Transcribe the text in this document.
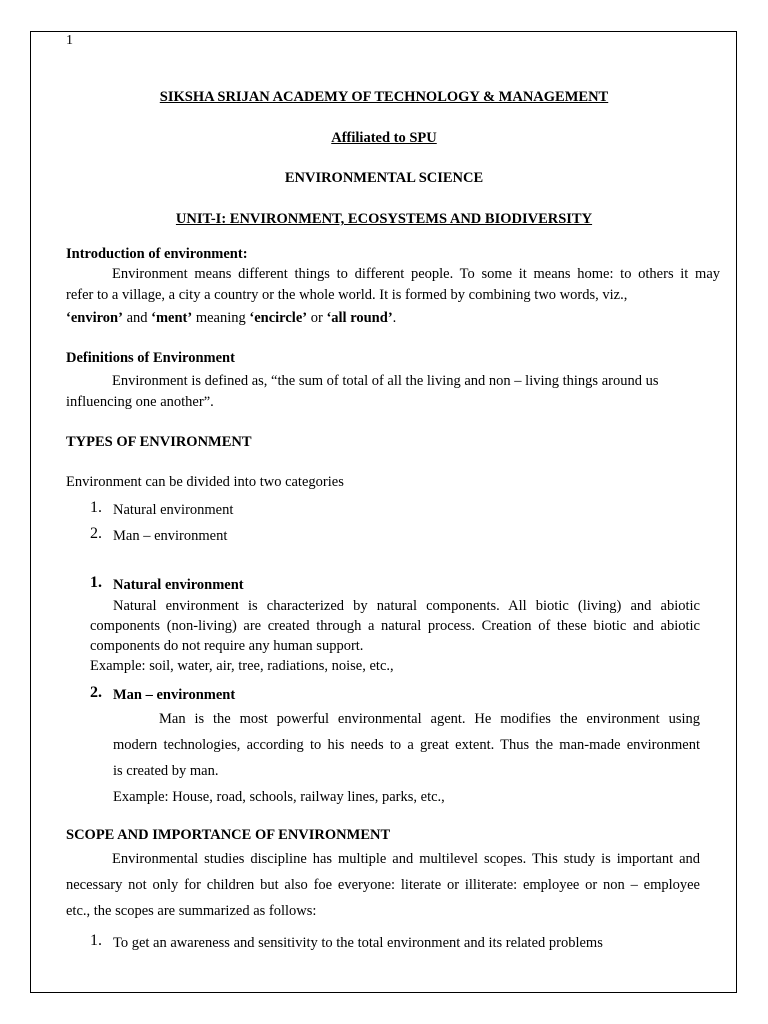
1
SIKSHA SRIJAN ACADEMY OF TECHNOLOGY & MANAGEMENT
Affiliated to SPU
ENVIRONMENTAL SCIENCE
UNIT-I: ENVIRONMENT, ECOSYSTEMS AND BIODIVERSITY
Introduction of environment:
Environment means different things to different people. To some it means home: to others it may
refer to a village, a city a country or the whole world. It is formed by combining two words, viz.,
‘environ’ and ‘ment’ meaning ‘encircle’ or ‘all round’.
Definitions of Environment
Environment is defined as, “the sum of total of all the living and non – living things around us
influencing one another”.
TYPES OF ENVIRONMENT
Environment can be divided into two categories
1. Natural environment
2. Man – environment
1. Natural environment
Natural environment is characterized by natural components. All biotic (living) and abiotic components (non-living) are created through a natural process. Creation of these biotic and abiotic components do not require any human support.
Example: soil, water, air, tree, radiations, noise, etc.,
2. Man – environment
Man is the most powerful environmental agent. He modifies the environment using
modern technologies, according to his needs to a great extent. Thus the man-made environment
is created by man.
Example: House, road, schools, railway lines, parks, etc.,
SCOPE AND IMPORTANCE OF ENVIRONMENT
Environmental studies discipline has multiple and multilevel scopes. This study is important and
necessary not only for children but also foe everyone: literate or illiterate: employee or non – employee
etc., the scopes are summarized as follows:
1. To get an awareness and sensitivity to the total environment and its related problems
